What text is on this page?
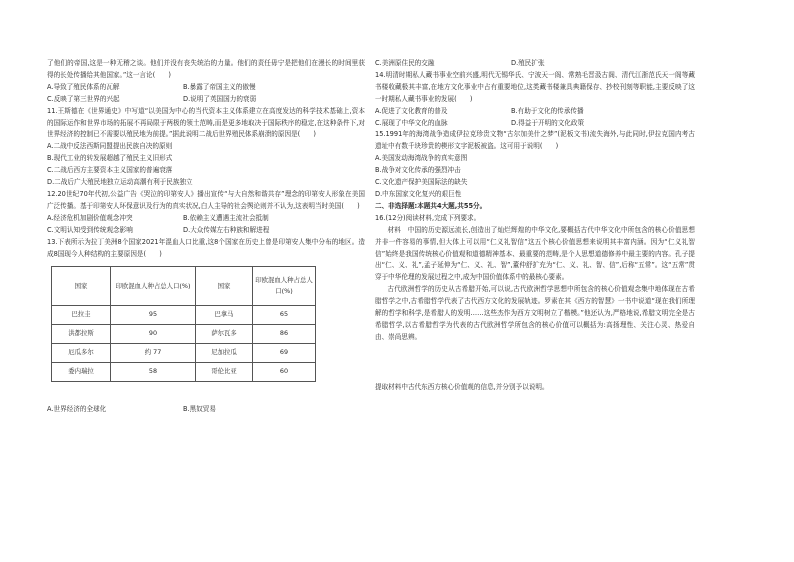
了他们的帝国,这是一种无稽之谈。他们并没有丧失统治的力量。他们的责任毋宁是把他们在漫长的时间里获得的长处传播给其他国家。”这一言论(　　)

A.导致了殖民体系的瓦解	B.暴露了帝国主义的傲慢
C.反映了第三世界的兴起	D.说明了英国国力的衰弱

11.王斯德在《世界通史》中写道“以美国为中心的当代资本主义体系建立在高度发达的科学技术基础上,资本的国际运作和世界市场的拓展不再局限于两极的领土范畴,而是更多地取决于国际秩序的稳定,在这种条件下,对世界经济的控制已不需要以殖民地为前提。”据此说明二战后世界殖民体系崩溃的原因是(　　)

A.二战中反法西斯同盟提出民族自决的原则

B.现代工业的转发展超越了殖民主义旧形式

C.二战后西方主要资本主义国家的普遍衰落

D.二战后广大殖民地独立运动高潮有利于民族独立

12.20世纪70年代初,公益广告《哭泣的印第安人》播出宣传“与大自然和谐共存”理念的印第安人形象在美国广泛传播。基于印第安人环保意识及行为的真实状况,白人主导的社会舆论则并不认为,这表明当时美国(　　)

A.经济危机加剧价值观念冲突	B.依赖主义遭遇主流社会抵制
C.文明认知受到传统观念影响	D.大众传媒左右种族和解进程

13.下表所示为拉丁美洲8个国家2021年混血人口比重,这8个国家在历史上曾是印第安人集中分布的地区。造成8国现今人种结构的主要原因是(　　)

国家	印欧混血人种占总人口(%)	国家	印欧混血人种占总人口(%)
巴拉圭	95	巴拿马	65
洪都拉斯	90	萨尔瓦多	86
厄瓜多尔	约 77	尼加拉瓜	69
委内瑞拉	58	哥伦比亚	60
A.世界经济的全球化	B.黑奴贸易
C.美洲原住民的交融	D.殖民扩张

14.明清时期私人藏书事业空前兴盛,明代无锡华氏、宁波天一阁、常熟毛晋汲古阁、清代江浙范氏天一阁等藏书楼收藏极其丰富,在地方文化事业中占有重要地位,这类藏书楼兼具典籍保存、抄校刊刻等职能,主要反映了这一时期私人藏书事业的发展(　　)

A.促进了文化教育的普及	B.有助于文化的传承传播
C.展现了中华文化的血脉	D.得益于开明的文化政策

15.1991年的海湾战争造成伊拉克珍贵文物“古尔加美什之梦”(泥板文书)流失海外,与此同时,伊拉克国内考古遗址中有数千块珍贵的楔形文字泥板被盗。这可用于说明(　　)

A.美国发动海湾战争的真实意图

B.战争对文化传承的强烈冲击

C.文化遗产保护美国际法的缺失

D.中东国家文化复兴的艰巨性

二、非选择题:本题共4大题,共55分。

16.(12分)阅读材料,完成下列要求。

材料　中国的历史源远流长,创造出了灿烂辉煌的中华文化,要概括古代中华文化中所包含的核心价值思想并非一件容易的事情,但大体上可以用“仁义礼智信”这五个核心价值思想来说明其丰富内涵。因为“仁义礼智信”始终是我国传统核心价值观和道德精神基本、最重要的范畴,是个人思想道德修养中最主要的内容。孔子提出“仁、义、礼”,孟子延伸为“仁、义、礼、智”,董仲舒扩充为“仁、义、礼、智、信”,后称“五常”。这“五常”贯穿于中华伦理的发展过程之中,成为中国价值体系中的最核心要素。

古代欧洲哲学的历史从古希腊开始,可以说,古代欧洲哲学思想中所包含的核心价值观念集中地体现在古希腊哲学之中,古希腊哲学代表了古代西方文化的发展轨迹。罗素在其《西方的智慧》一书中说道“现在我们所理解的哲学和科学,是希腊人的发明……这些杰作为西方文明树立了楷模。”他还认为,严格地说,希腊文明完全是古希腊哲学,以古希腊哲学为代表的古代欧洲哲学所包含的核心价值可以概括为:高扬理性、关注心灵、热爱自由、崇尚思辨。

提取材料中古代东西方核心价值观的信息,并分别予以说明。
